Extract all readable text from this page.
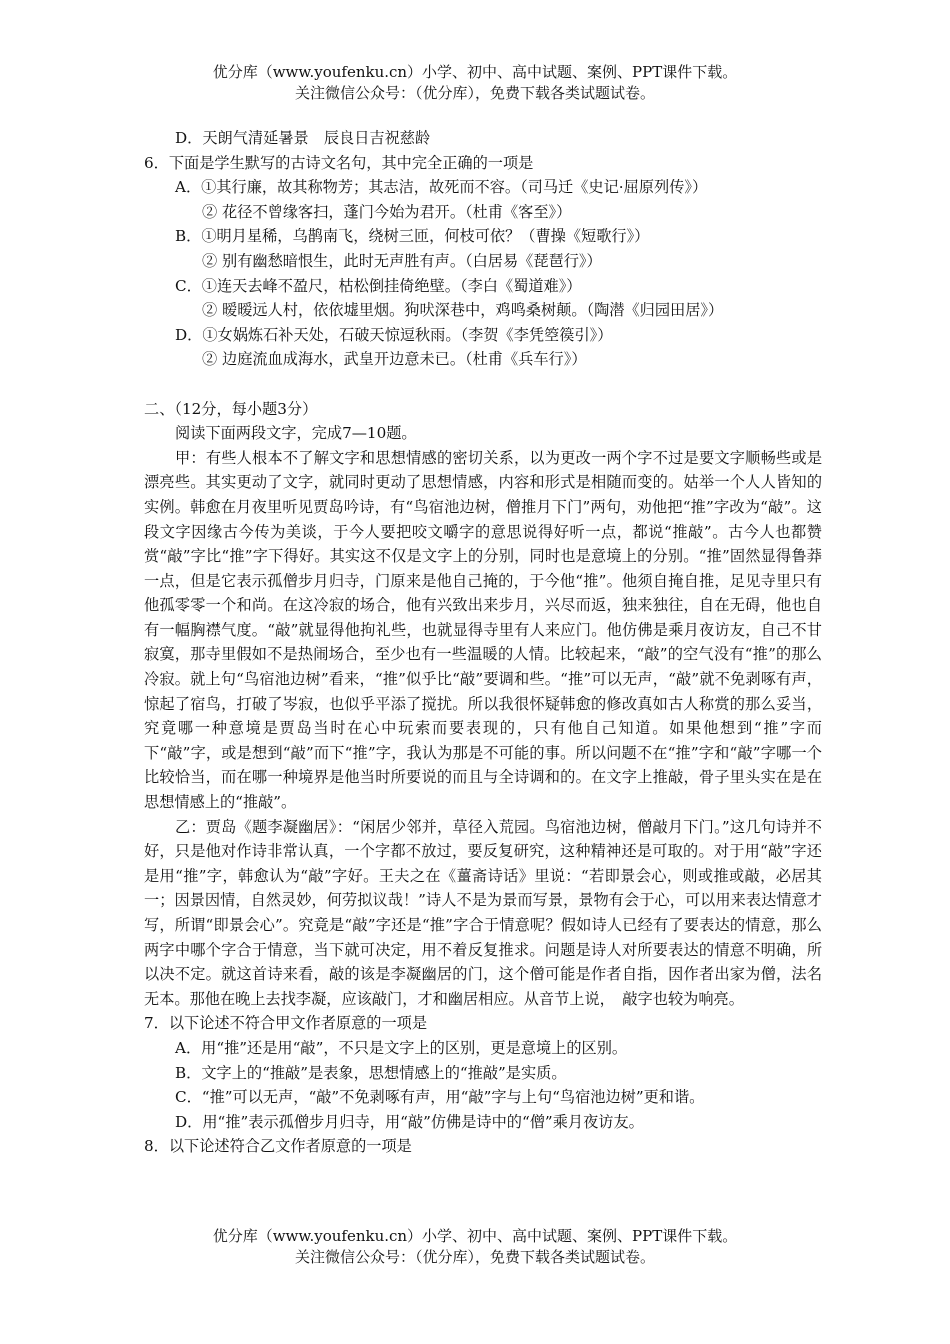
优分库（www.youfenku.cn）小学、初中、高中试题、案例、PPT课件下载。
关注微信公众号：（优分库），免费下载各类试题试卷。
D．天朗气清延暑景　辰良日吉祝慈龄
6．下面是学生默写的古诗文名句，其中完全正确的一项是
A．①其行廉，故其称物芳；其志洁，故死而不容。（司马迁《史记·屈原列传》）
② 花径不曾缘客扫，蓬门今始为君开。（杜甫《客至》）
B．①明月星稀，乌鹊南飞，绕树三匝，何枝可依？（曹操《短歌行》）
② 别有幽愁暗恨生，此时无声胜有声。（白居易《琵琶行》）
C．①连天去峰不盈尺，枯松倒挂倚绝壁。（李白《蜀道难》）
② 暧暧远人村，依依墟里烟。狗吠深巷中，鸡鸣桑树颠。（陶潜《归园田居》）
D．①女娲炼石补天处，石破天惊逗秋雨。（李贺《李凭箜篌引》）
② 边庭流血成海水，武皇开边意未已。（杜甫《兵车行》）
二、（12分，每小题3分）
阅读下面两段文字，完成7—10题。

甲：有些人根本不了解文字和思想情感的密切关系，以为更改一两个字不过是要文字顺畅些或是漂亮些。其实更动了文字，就同时更动了思想情感，内容和形式是相随而变的。姑举一个人人皆知的实例。韩愈在月夜里听见贾岛吟诗，有“鸟宿池边树，僧推月下门”两句，劝他把“推”字改为“敲”。这段文字因缘古今传为美谈，于今人要把咬文嚼字的意思说得好听一点，都说“推敲”。古今人也都赞赏“敲”字比“推”字下得好。其实这不仅是文字上的分别，同时也是意境上的分别。“推”固然显得鲁莽一点，但是它表示孤僧步月归寺，门原来是他自己掩的，于今他“推”。他须自掩自推，足见寺里只有他孤零零一个和尚。在这冷寂的场合，他有兴致出来步月，兴尽而返，独来独往，自在无碍，他也自有一幅胸襟气度。“敲”就显得他拘礼些，也就显得寺里有人来应门。他仿佛是乘月夜访友，自己不甘寂寞，那寺里假如不是热闹场合，至少也有一些温暖的人情。比较起来，“敲”的空气没有“推”的那么冷寂。就上句“鸟宿池边树”看来，“推”似乎比“敲”要调和些。“推”可以无声，“敲”就不免剥啄有声，惊起了宿鸟，打破了岑寂，也似乎平添了搅扰。所以我很怀疑韩愈的修改真如古人称赏的那么妥当，究竟哪一种意境是贾岛当时在心中玩索而要表现的，只有他自己知道。如果他想到“推”字而下“敲”字，或是想到“敲”而下“推”字，我认为那是不可能的事。所以问题不在“推”字和“敲”字哪一个比较恰当，而在哪一种境界是他当时所要说的而且与全诗调和的。在文字上推敲，骨子里头实在是在思想情感上的“推敲”。

乙：贾岛《题李凝幽居》：“闲居少邻并，草径入荒园。鸟宿池边树，僧敲月下门。”这几句诗并不好，只是他对作诗非常认真，一个字都不放过，要反复研究，这种精神还是可取的。对于用“敲”字还是用“推”字，韩愈认为“敲”字好。王夫之在《薑斋诗话》里说：“若即景会心，则或推或敲，必居其一；因景因情，自然灵妙，何劳拟议哉！”诗人不是为景而写景，景物有会于心，可以用来表达情意才写，所谓“即景会心”。究竟是“敲”字还是“推”字合于情意呢？假如诗人已经有了要表达的情意，那么两字中哪个字合于情意，当下就可决定，用不着反复推求。问题是诗人对所要表达的情意不明确，所以决不定。就这首诗来看，敲的该是李凝幽居的门，这个僧可能是作者自指，因作者出家为僧，法名无本。那他在晚上去找李凝，应该敲门，才和幽居相应。从音节上说，　敲字也较为响亮。

7．以下论述不符合甲文作者原意的一项是
A．用“推”还是用“敲”，不只是文字上的区别，更是意境上的区别。
B．文字上的“推敲”是表象，思想情感上的“推敲”是实质。
C．“推”可以无声，“敲”不免剥啄有声，用“敲”字与上句“鸟宿池边树”更和谐。
D．用“推”表示孤僧步月归寺，用“敲”仿佛是诗中的“僧”乘月夜访友。
8．以下论述符合乙文作者原意的一项是
优分库（www.youfenku.cn）小学、初中、高中试题、案例、PPT课件下载。
关注微信公众号：（优分库），免费下载各类试题试卷。
